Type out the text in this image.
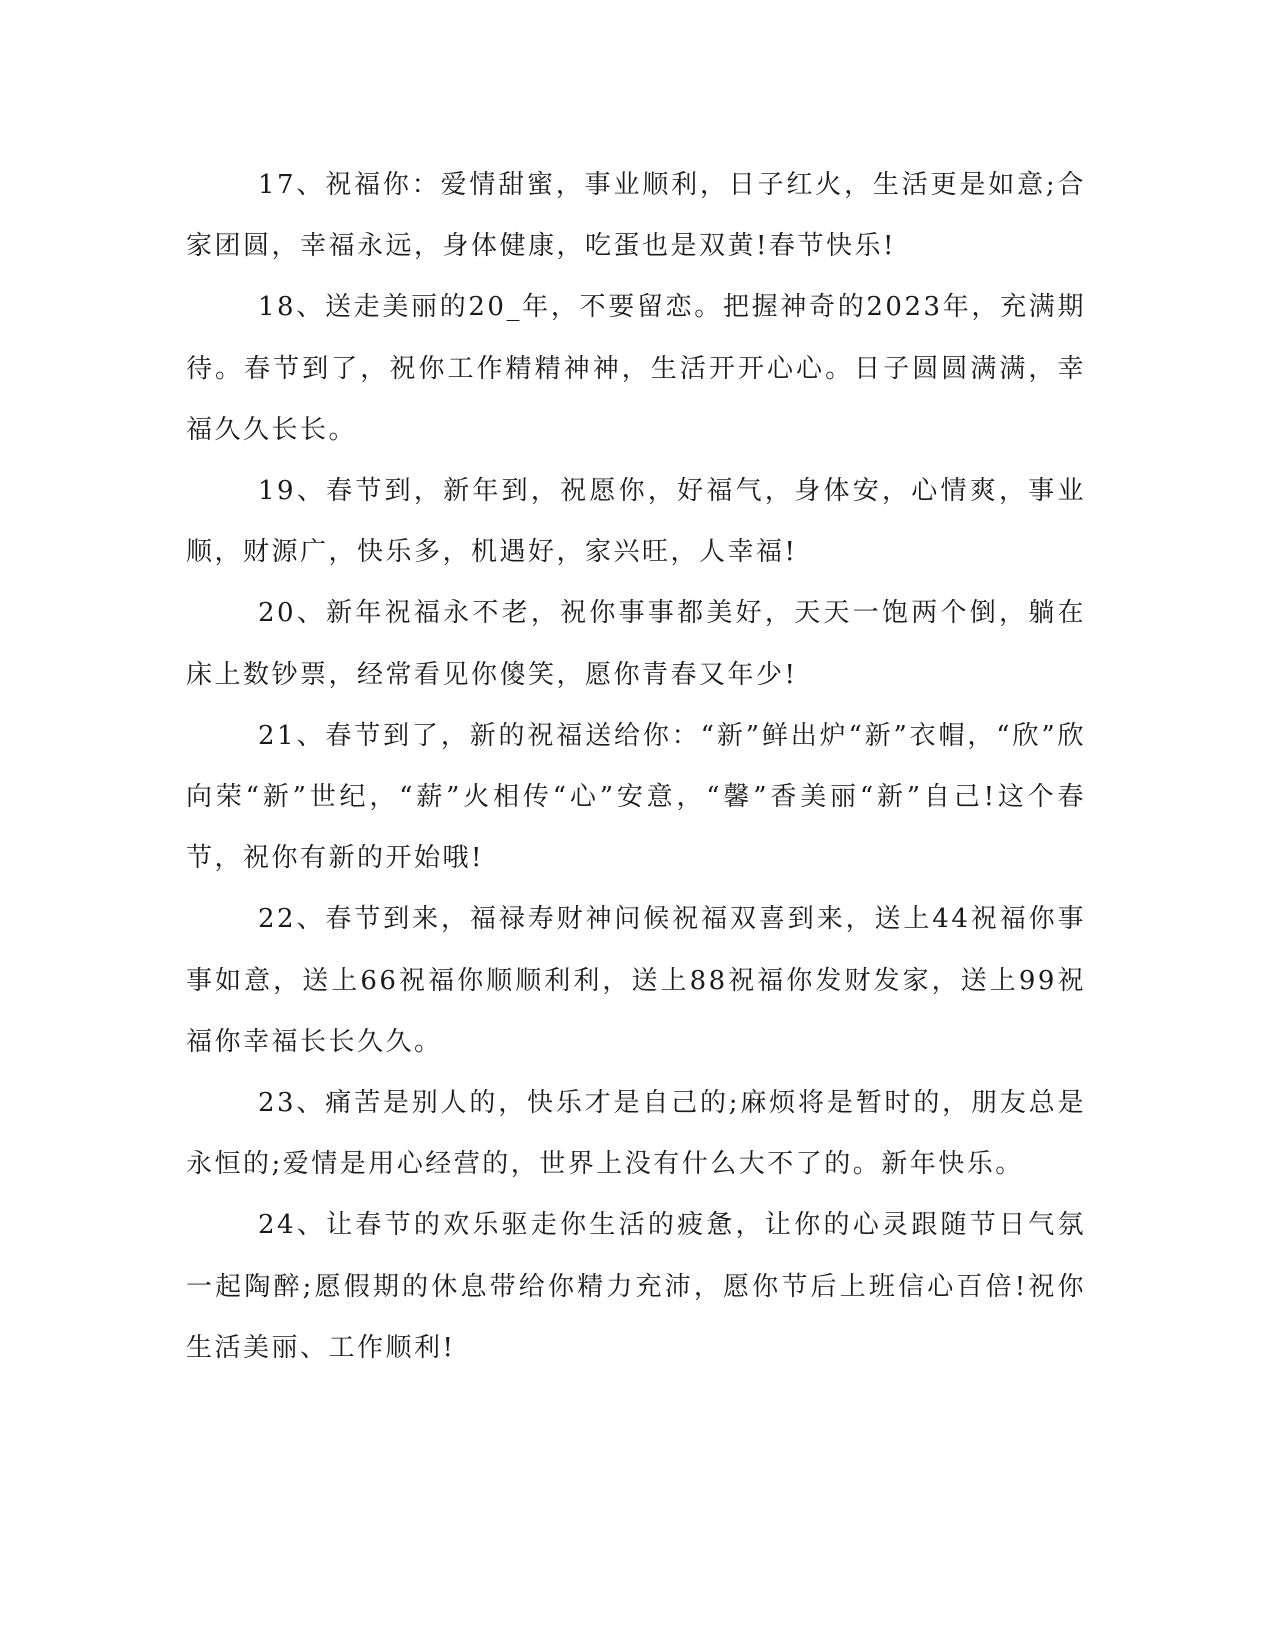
17、祝福你：爱情甜蜜，事业顺利，日子红火，生活更是如意;合家团圆，幸福永远，身体健康，吃蛋也是双黄!春节快乐!

18、送走美丽的20_年，不要留恋。把握神奇的2023年，充满期待。春节到了，祝你工作精精神神，生活开开心心。日子圆圆满满，幸福久久长长。

19、春节到，新年到，祝愿你，好福气，身体安，心情爽，事业顺，财源广，快乐多，机遇好，家兴旺，人幸福!

20、新年祝福永不老，祝你事事都美好，天天一饱两个倒，躺在床上数钞票，经常看见你傻笑，愿你青春又年少!

21、春节到了，新的祝福送给你：“新”鲜出炉“新”衣帽，“欣”欣向荣“新”世纪，“薪”火相传“心”安意，“馨”香美丽“新”自己!这个春节，祝你有新的开始哦!

22、春节到来，福禄寿财神问候祝福双喜到来，送上44祝福你事事如意，送上66祝福你顺顺利利，送上88祝福你发财发家，送上99祝福你幸福长长久久。

23、痛苦是别人的，快乐才是自己的;麻烦将是暂时的，朋友总是永恒的;爱情是用心经营的，世界上没有什么大不了的。新年快乐。

24、让春节的欢乐驱走你生活的疲惫，让你的心灵跟随节日气氛一起陶醉;愿假期的休息带给你精力充沛，愿你节后上班信心百倍!祝你生活美丽、工作顺利!
